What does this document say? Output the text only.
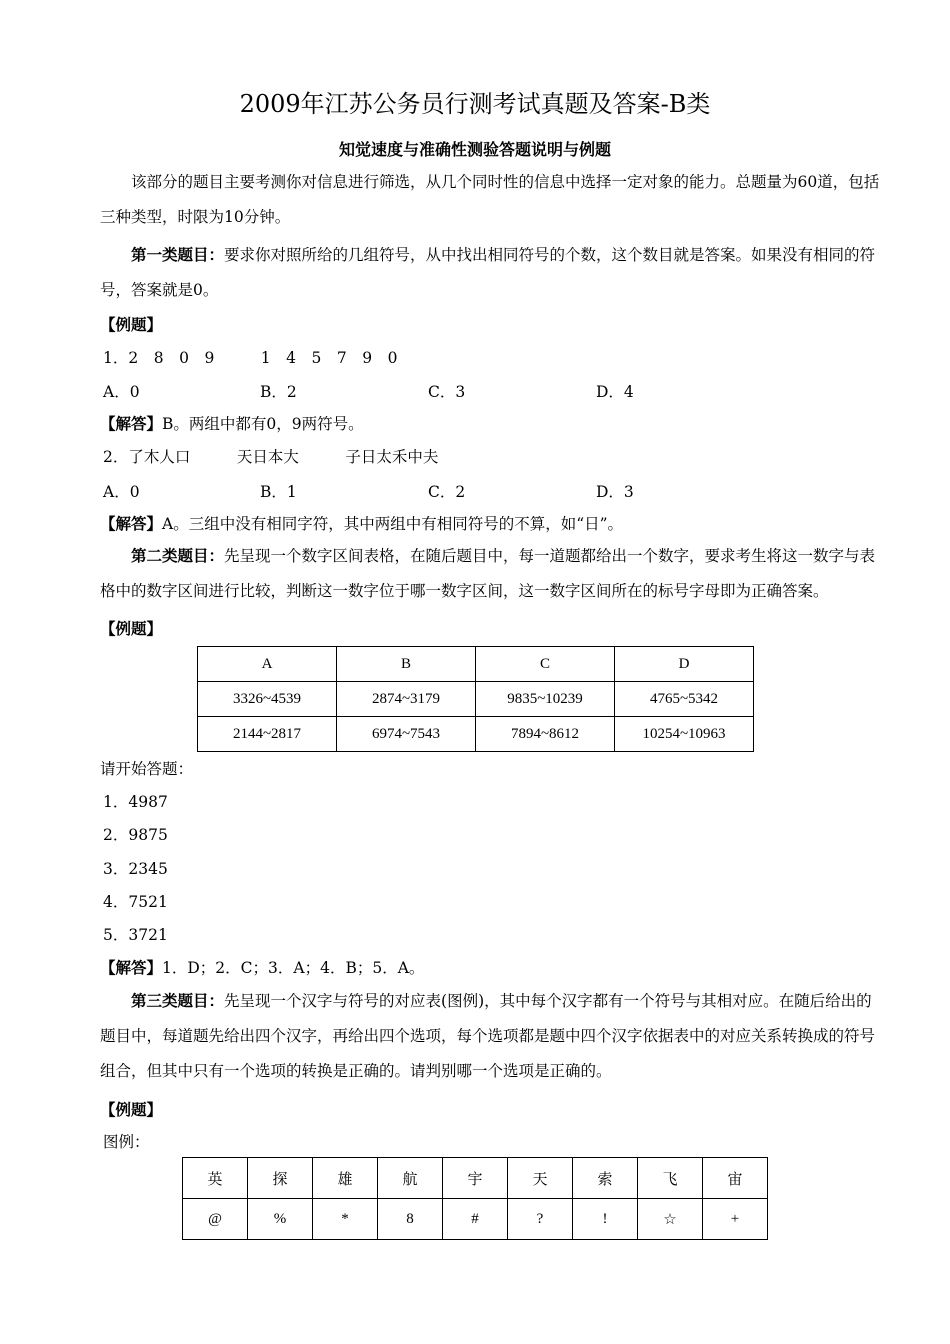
2009年江苏公务员行测考试真题及答案-B类
知觉速度与准确性测验答题说明与例题
该部分的题目主要考测你对信息进行筛选，从几个同时性的信息中选择一定对象的能力。总题量为60道，包括三种类型，时限为10分钟。
第一类题目：要求你对照所给的几组符号，从中找出相同符号的个数，这个数目就是答案。如果没有相同的符号，答案就是0。
【例题】
1．2　8　0　9　　　1　4　5　7　9　0
A．0	B．2	C．3	D．4
【解答】B。两组中都有0，9两符号。
2．了木人口　　　天日本大　　　子日太禾中夫
A．0	B．1	C．2	D．3
【解答】A。三组中没有相同字符，其中两组中有相同符号的不算，如“日”。
第二类题目：先呈现一个数字区间表格，在随后题目中，每一道题都给出一个数字，要求考生将这一数字与表格中的数字区间进行比较，判断这一数字位于哪一数字区间，这一数字区间所在的标号字母即为正确答案。
【例题】
A	B	C	D
3326~4539	2874~3179	9835~10239	4765~5342
2144~2817	6974~7543	7894~8612	10254~10963
请开始答题：
1．4987
2．9875
3．2345
4．7521
5．3721
【解答】1．D；2．C；3．A；4．B；5．A。
第三类题目：先呈现一个汉字与符号的对应表(图例)，其中每个汉字都有一个符号与其相对应。在随后给出的题目中，每道题先给出四个汉字，再给出四个选项，每个选项都是题中四个汉字依据表中的对应关系转换成的符号组合，但其中只有一个选项的转换是正确的。请判别哪一个选项是正确的。
【例题】
图例：
英	探	雄	航	宇	天	索	飞	宙
@	%	*	8	#	?	!	☆	+
